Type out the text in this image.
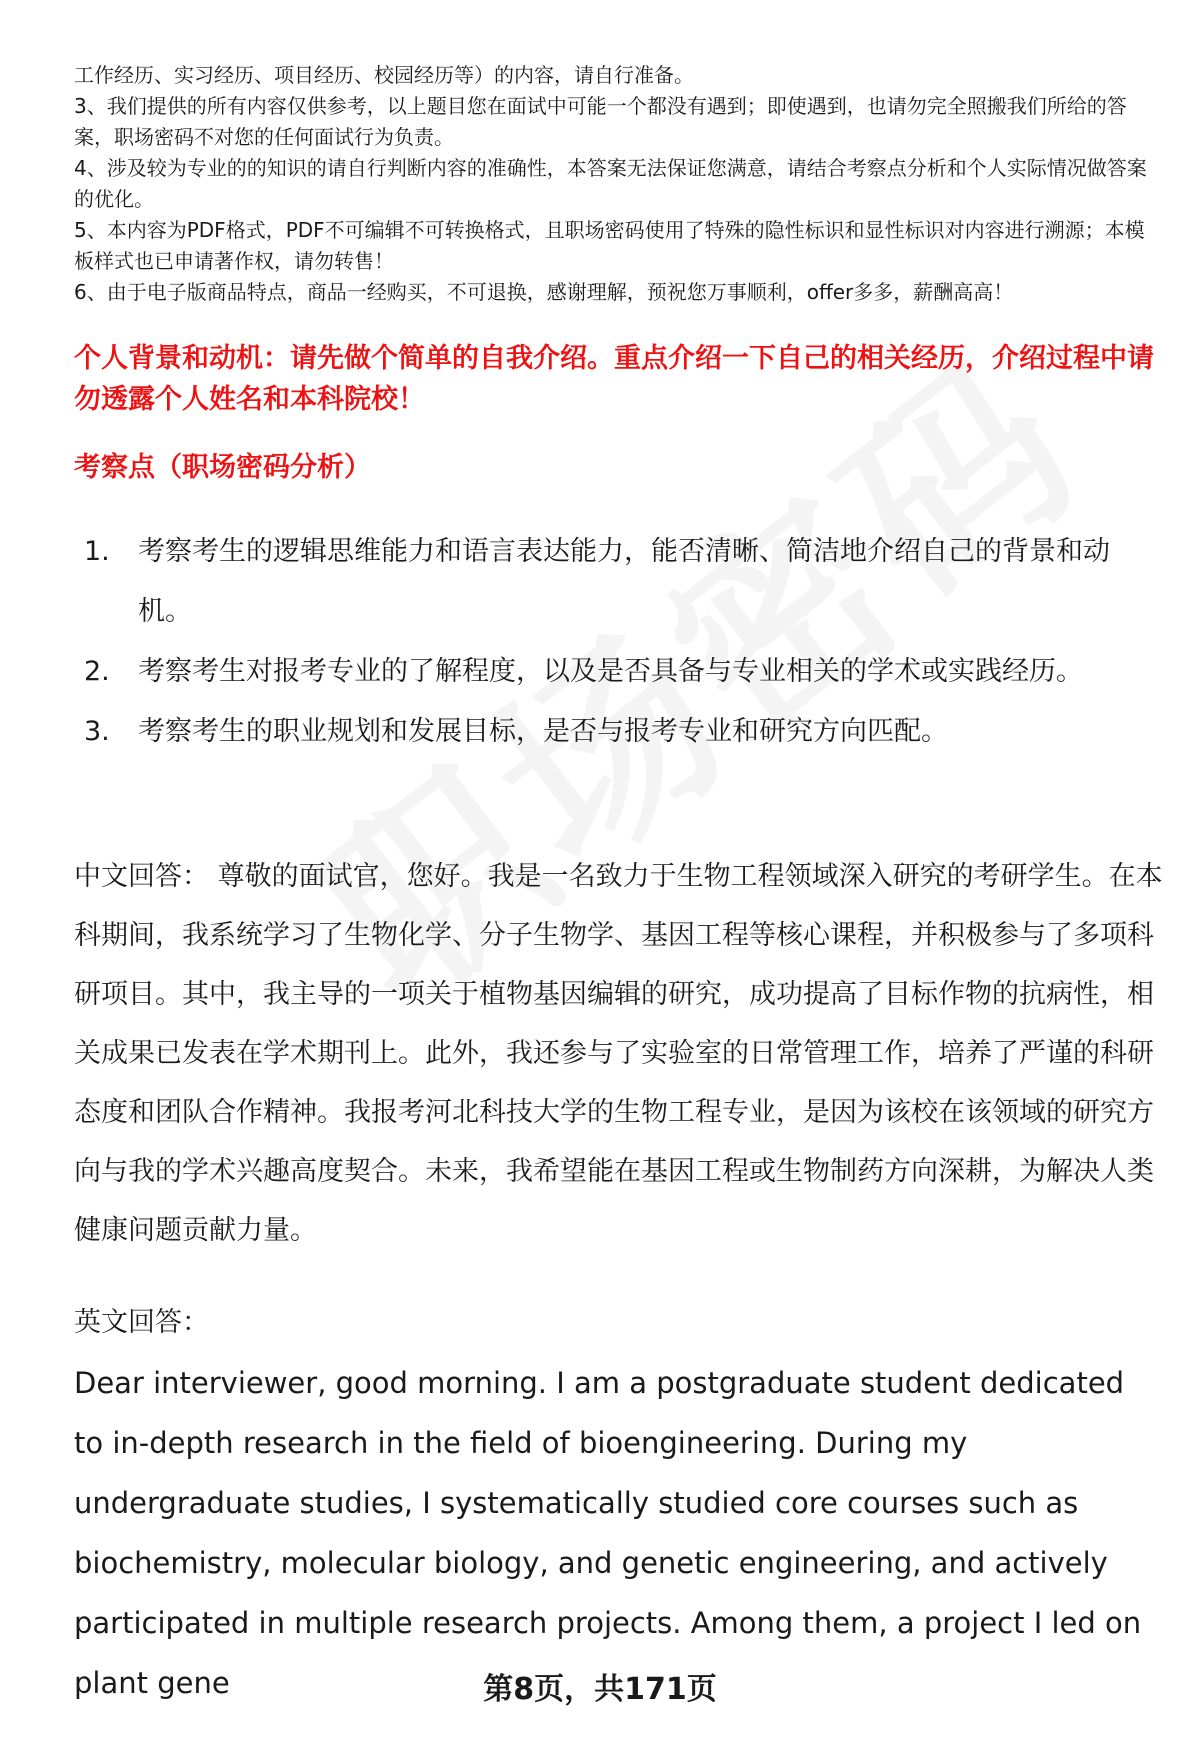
工作经历、实习经历、项目经历、校园经历等）的内容，请自行准备。

3、我们提供的所有内容仅供参考，以上题目您在面试中可能一个都没有遇到；即使遇到，也请勿完全照搬我们所给的答案，职场密码不对您的任何面试行为负责。

4、涉及较为专业的的知识的请自行判断内容的准确性，本答案无法保证您满意，请结合考察点分析和个人实际情况做答案的优化。

5、本内容为PDF格式，PDF不可编辑不可转换格式，且职场密码使用了特殊的隐性标识和显性标识对内容进行溯源；本模板样式也已申请著作权，请勿转售！

6、由于电子版商品特点，商品一经购买，不可退换，感谢理解，预祝您万事顺利，offer多多，薪酬高高！

个人背景和动机：请先做个简单的自我介绍。重点介绍一下自己的相关经历，介绍过程中请勿透露个人姓名和本科院校！

考察点（职场密码分析）

1.	考察考生的逻辑思维能力和语言表达能力，能否清晰、简洁地介绍自己的背景和动机。
2.	考察考生对报考专业的了解程度，以及是否具备与专业相关的学术或实践经历。
3.	考察考生的职业规划和发展目标，是否与报考专业和研究方向匹配。

中文回答： 尊敬的面试官，您好。我是一名致力于生物工程领域深入研究的考研学生。在本科期间，我系统学习了生物化学、分子生物学、基因工程等核心课程，并积极参与了多项科研项目。其中，我主导的一项关于植物基因编辑的研究，成功提高了目标作物的抗病性，相关成果已发表在学术期刊上。此外，我还参与了实验室的日常管理工作，培养了严谨的科研态度和团队合作精神。我报考河北科技大学的生物工程专业，是因为该校在该领域的研究方向与我的学术兴趣高度契合。未来，我希望能在基因工程或生物制药方向深耕，为解决人类健康问题贡献力量。

英文回答：

Dear interviewer, good morning. I am a postgraduate student dedicated to in-depth research in the field of bioengineering. During my undergraduate studies, I systematically studied core courses such as biochemistry, molecular biology, and genetic engineering, and actively participated in multiple research projects. Among them, a project I led on plant gene	第8页，共171页
